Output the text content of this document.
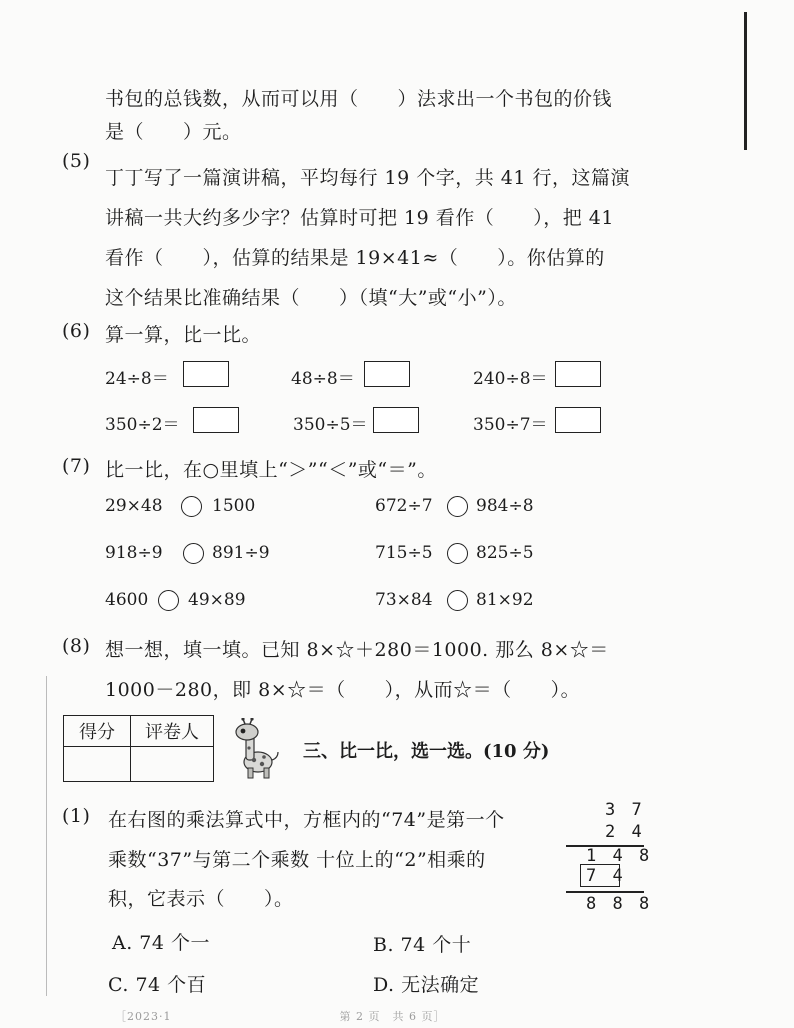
书包的总钱数，从而可以用（　　）法求出一个书包的价钱
是（　　）元。
(5)
丁丁写了一篇演讲稿，平均每行 19 个字，共 41 行，这篇演
讲稿一共大约多少字？估算时可把 19 看作（　　），把 41
看作（　　），估算的结果是 19×41≈（　　）。你估算的
这个结果比准确结果（　　）（填“大”或“小”）。
(6) 算一算，比一比。
24÷8＝	48÷8＝	240÷8＝
350÷2＝	350÷5＝	350÷7＝
(7) 比一比，在○里填上“＞”“＜”或“＝”。
29×48	1500	672÷7	984÷8
918÷9	891÷9	715÷5	825÷5
4600 49×89	73×84	81×92
(8) 想一想，填一填。已知 8×☆＋280＝1000. 那么 8×☆＝
1000－280，即 8×☆＝（　　），从而☆＝（　　）。
得分	评卷人

三、比一比，选一选。(10 分)
(1) 在右图的乘法算式中，方框内的“74”是第一个
乘数“37”与第二个乘数 十位上的“2”相乘的
积，它表示（　　）。
3 7
2 4
1 4 8
7 4
8 8 8
A. 74 个一	B. 74 个十
C. 74 个百	D. 无法确定
［2023·1　　　　　　　　　　　　　　第 2 页　共 6 页］
